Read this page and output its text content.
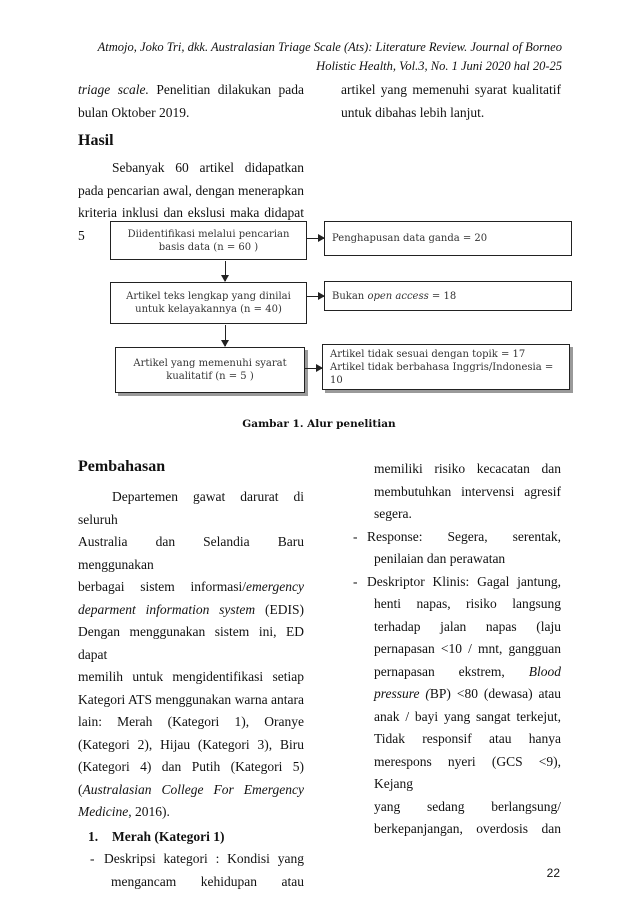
Atmojo, Joko Tri, dkk. Australasian Triage Scale (Ats): Literature Review. Journal of Borneo
Holistic Health, Vol.3, No. 1 Juni 2020 hal 20-25

triage scale. Penelitian dilakukan pada

bulan Oktober 2019.

Hasil

Sebanyak 60 artikel didapatkan

pada pencarian awal, dengan menerapkan

kriteria inklusi dan ekslusi maka didapat 5

artikel yang memenuhi syarat kualitatif

untuk dibahas lebih lanjut.

Diidentifikasi melalui pencarian
basis data (n = 60 )
Penghapusan data ganda = 20
Artikel teks lengkap yang dinilai
untuk kelayakannya (n = 40)
Bukan open access = 18
Artikel yang memenuhi syarat
kualitatif (n = 5 )
Artikel tidak sesuai dengan topik = 17
Artikel tidak berbahasa Inggris/Indonesia = 10
Gambar 1. Alur penelitian
Pembahasan

Departemen gawat darurat di seluruh

Australia dan Selandia Baru menggunakan

berbagai sistem informasi/emergency

deparment information system (EDIS)

Dengan menggunakan sistem ini, ED dapat

memilih untuk mengidentifikasi setiap

Kategori ATS menggunakan warna antara

lain: Merah (Kategori 1), Oranye

(Kategori 2), Hijau (Kategori 3), Biru

(Kategori 4) dan Putih (Kategori 5)

(Australasian College For Emergency

Medicine, 2016).

1.	Merah (Kategori 1)
- Deskripsi kategori : Kondisi yang

mengancam kehidupan atau

memiliki risiko kecacatan dan

membutuhkan intervensi agresif

segera.

- Response: Segera, serentak,

penilaian dan perawatan

- Deskriptor Klinis: Gagal jantung,

henti napas, risiko langsung

terhadap jalan napas (laju

pernapasan <10 / mnt, gangguan

pernapasan ekstrem, Blood

pressure (BP) <80 (dewasa) atau

anak / bayi yang sangat terkejut,

Tidak responsif atau hanya

merespons nyeri (GCS <9), Kejang

yang sedang berlangsung/

berkepanjangan, overdosis dan

22
